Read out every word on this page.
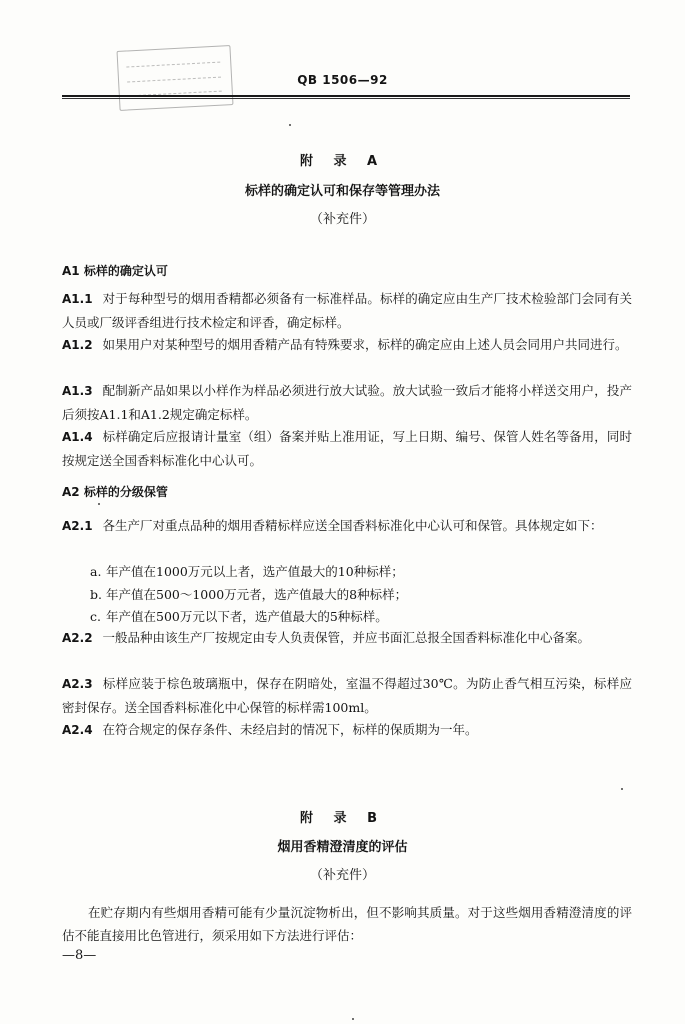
QB 1506—92
附 录 A
标样的确定认可和保存等管理办法
（补充件）
A1 标样的确定认可

A1.1 对于每种型号的烟用香精都必须备有一标准样品。标样的确定应由生产厂技术检验部门会同有关人员或厂级评香组进行技术检定和评香，确定标样。

A1.2 如果用户对某种型号的烟用香精产品有特殊要求，标样的确定应由上述人员会同用户共同进行。

A1.3 配制新产品如果以小样作为样品必须进行放大试验。放大试验一致后才能将小样送交用户，投产后须按A1.1和A1.2规定确定标样。

A1.4 标样确定后应报请计量室（组）备案并贴上准用证，写上日期、编号、保管人姓名等备用，同时按规定送全国香料标准化中心认可。

A2 标样的分级保管

A2.1 各生产厂对重点品种的烟用香精标样应送全国香料标准化中心认可和保管。具体规定如下：

a. 年产值在1000万元以上者，选产值最大的10种标样；
b. 年产值在500～1000万元者，选产值最大的8种标样；
c. 年产值在500万元以下者，选产值最大的5种标样。

A2.2 一般品种由该生产厂按规定由专人负责保管，并应书面汇总报全国香料标准化中心备案。

A2.3 标样应装于棕色玻璃瓶中，保存在阴暗处，室温不得超过30℃。为防止香气相互污染，标样应密封保存。送全国香料标准化中心保管的标样需100ml。

A2.4 在符合规定的保存条件、未经启封的情况下，标样的保质期为一年。

附 录 B
烟用香精澄清度的评估
（补充件）

在贮存期内有些烟用香精可能有少量沉淀物析出，但不影响其质量。对于这些烟用香精澄清度的评估不能直接用比色管进行，须采用如下方法进行评估：

—8—
